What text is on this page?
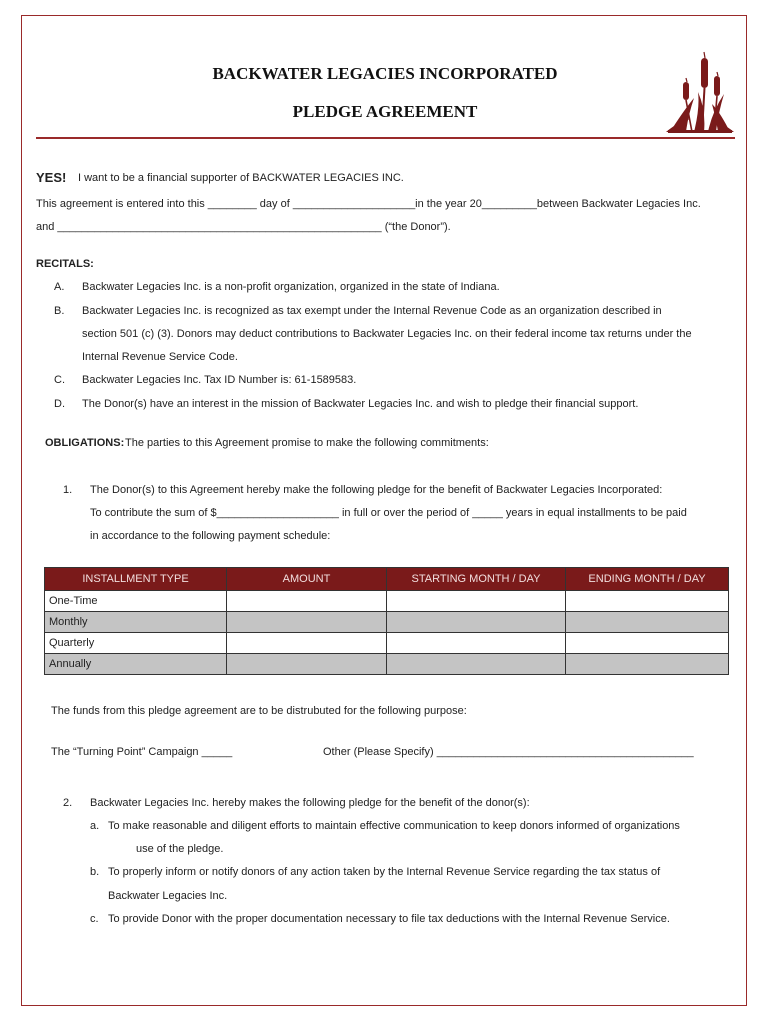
BACKWATER LEGACIES INCORPORATED
PLEDGE AGREEMENT
YES! I want to be a financial supporter of BACKWATER LEGACIES INC.
This agreement is entered into this ________ day of ____________________in the year 20_________between Backwater Legacies Inc.
and _____________________________________________________ (“the Donor”).
RECITALS:
A. Backwater Legacies Inc. is a non-profit organization, organized in the state of Indiana.
B. Backwater Legacies Inc. is recognized as tax exempt under the Internal Revenue Code as an organization described in
section 501 (c) (3). Donors may deduct contributions to Backwater Legacies Inc. on their federal income tax returns under the
Internal Revenue Service Code.
C. Backwater Legacies Inc. Tax ID Number is: 61-1589583.
D. The Donor(s) have an interest in the mission of Backwater Legacies Inc. and wish to pledge their financial support.
OBLIGATIONS: The parties to this Agreement promise to make the following commitments:
1. The Donor(s) to this Agreement hereby make the following pledge for the benefit of Backwater Legacies Incorporated:
To contribute the sum of $____________________ in full or over the period of _____ years in equal installments to be paid
in accordance to the following payment schedule:
INSTALLMENT TYPE	AMOUNT	STARTING MONTH / DAY	ENDING MONTH / DAY
One-Time			
Monthly			
Quarterly			
Annually			
The funds from this pledge agreement are to be distrubuted for the following purpose:
The “Turning Point” Campaign _____	Other (Please Specify) __________________________________________
2. Backwater Legacies Inc. hereby makes the following pledge for the benefit of the donor(s):
a. To make reasonable and diligent efforts to maintain effective communication to keep donors informed of organizations
use of the pledge.
b. To properly inform or notify donors of any action taken by the Internal Revenue Service regarding the tax status of
Backwater Legacies Inc.
c. To provide Donor with the proper documentation necessary to file tax deductions with the Internal Revenue Service.
